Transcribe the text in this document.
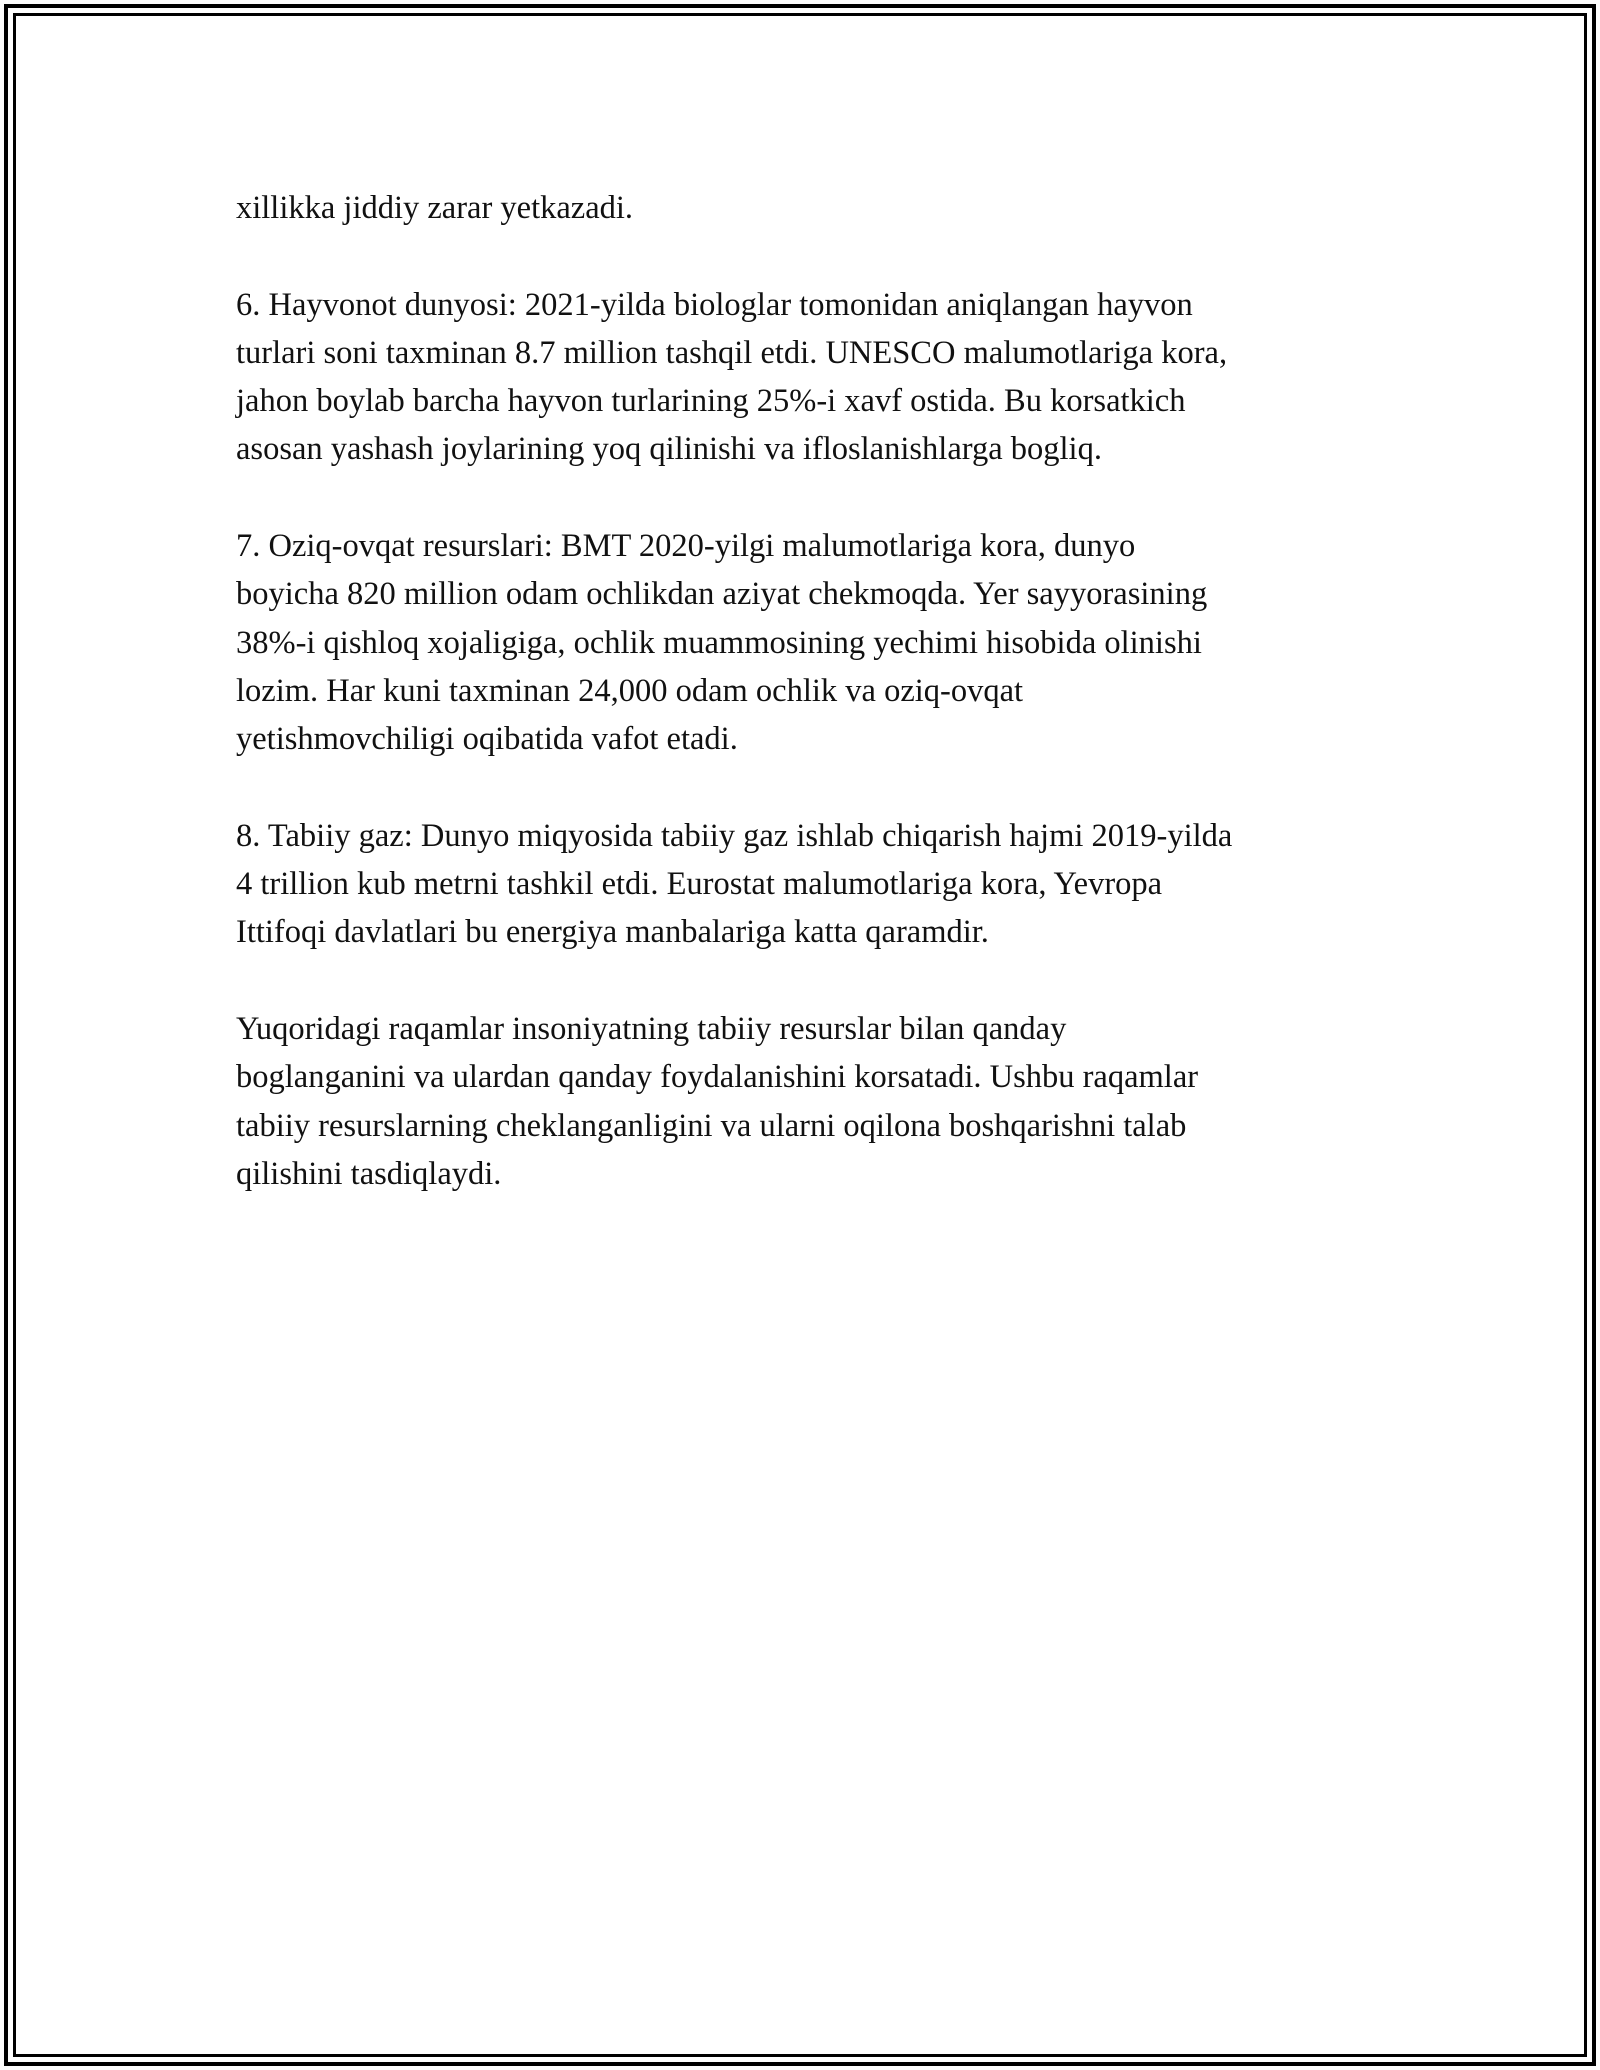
xillikka jiddiy zarar yetkazadi.

6. Hayvonot dunyosi: 2021-yilda biologlar tomonidan aniqlangan hayvon
turlari soni taxminan 8.7 million tashqil etdi. UNESCO malumotlariga kora,
jahon boylab barcha hayvon turlarining 25%-i xavf ostida. Bu korsatkich
asosan yashash joylarining yoq qilinishi va ifloslanishlarga bogliq.

7. Oziq-ovqat resurslari: BMT 2020-yilgi malumotlariga kora, dunyo
boyicha 820 million odam ochlikdan aziyat chekmoqda. Yer sayyorasining
38%-i qishloq xojaligiga, ochlik muammosining yechimi hisobida olinishi
lozim. Har kuni taxminan 24,000 odam ochlik va oziq-ovqat
yetishmovchiligi oqibatida vafot etadi.

8. Tabiiy gaz: Dunyo miqyosida tabiiy gaz ishlab chiqarish hajmi 2019-yilda
4 trillion kub metrni tashkil etdi. Eurostat malumotlariga kora, Yevropa
Ittifoqi davlatlari bu energiya manbalariga katta qaramdir.

Yuqoridagi raqamlar insoniyatning tabiiy resurslar bilan qanday
boglanganini va ulardan qanday foydalanishini korsatadi. Ushbu raqamlar
tabiiy resurslarning cheklanganligini va ularni oqilona boshqarishni talab
qilishini tasdiqlaydi.
